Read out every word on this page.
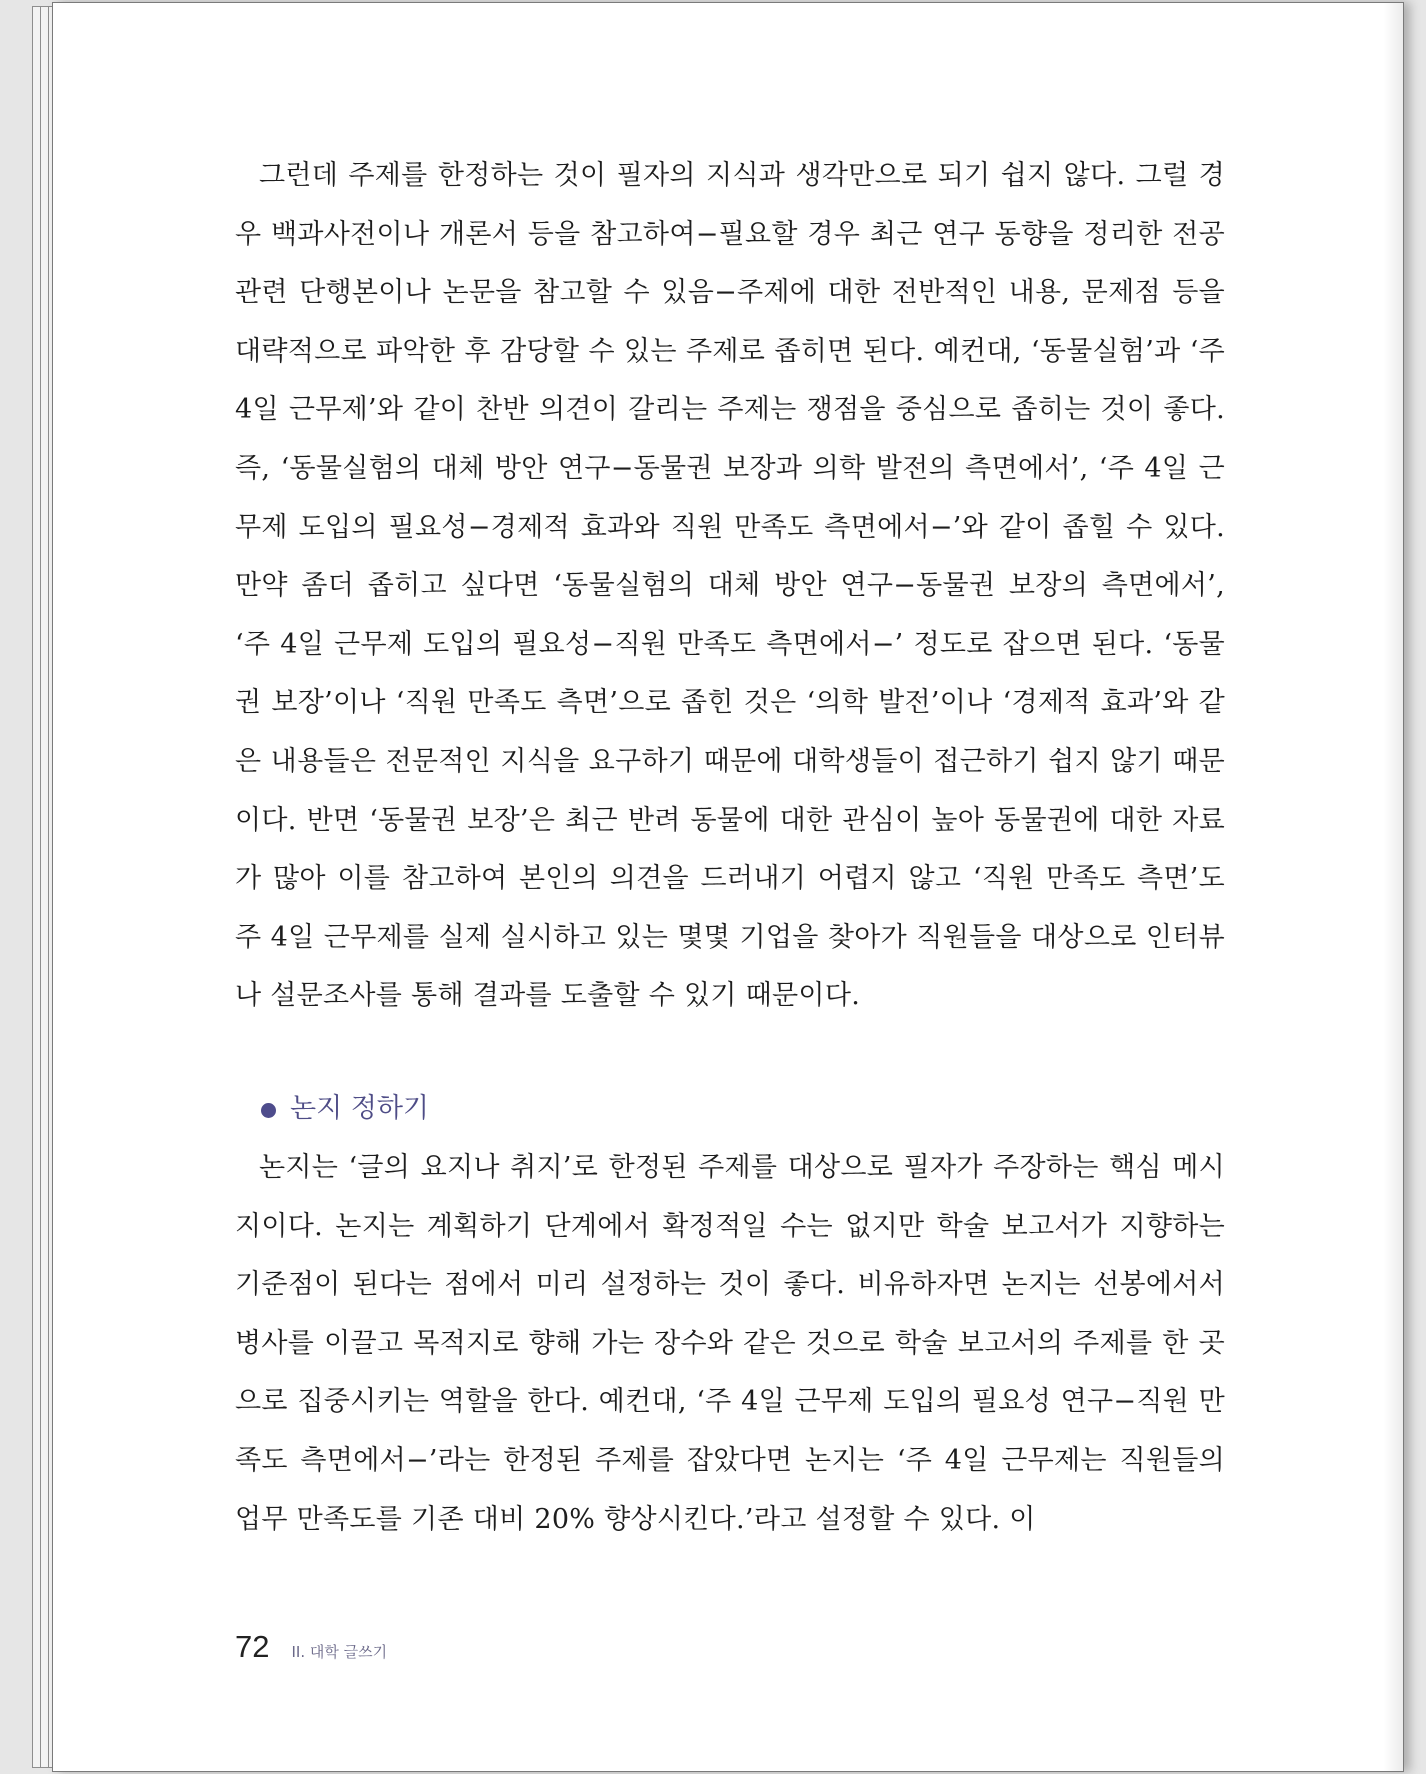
그런데 주제를 한정하는 것이 필자의 지식과 생각만으로 되기 쉽지 않다. 그럴 경우 백과사전이나 개론서 등을 참고하여−필요할 경우 최근 연구 동향을 정리한 전공 관련 단행본이나 논문을 참고할 수 있음−주제에 대한 전반적인 내용, 문제점 등을 대략적으로 파악한 후 감당할 수 있는 주제로 좁히면 된다. 예컨대, ‘동물실험’과 ‘주 4일 근무제’와 같이 찬반 의견이 갈리는 주제는 쟁점을 중심으로 좁히는 것이 좋다. 즉, ‘동물실험의 대체 방안 연구−동물권 보장과 의학 발전의 측면에서’, ‘주 4일 근무제 도입의 필요성−경제적 효과와 직원 만족도 측면에서−’와 같이 좁힐 수 있다. 만약 좀더 좁히고 싶다면 ‘동물실험의 대체 방안 연구−동물권 보장의 측면에서’, ‘주 4일 근무제 도입의 필요성−직원 만족도 측면에서−’ 정도로 잡으면 된다. ‘동물권 보장’이나 ‘직원 만족도 측면’으로 좁힌 것은 ‘의학 발전’이나 ‘경제적 효과’와 같은 내용들은 전문적인 지식을 요구하기 때문에 대학생들이 접근하기 쉽지 않기 때문이다. 반면 ‘동물권 보장’은 최근 반려 동물에 대한 관심이 높아 동물권에 대한 자료가 많아 이를 참고하여 본인의 의견을 드러내기 어렵지 않고 ‘직원 만족도 측면’도 주 4일 근무제를 실제 실시하고 있는 몇몇 기업을 찾아가 직원들을 대상으로 인터뷰나 설문조사를 통해 결과를 도출할 수 있기 때문이다.

논지 정하기

논지는 ‘글의 요지나 취지’로 한정된 주제를 대상으로 필자가 주장하는 핵심 메시지이다. 논지는 계획하기 단계에서 확정적일 수는 없지만 학술 보고서가 지향하는 기준점이 된다는 점에서 미리 설정하는 것이 좋다. 비유하자면 논지는 선봉에서서 병사를 이끌고 목적지로 향해 가는 장수와 같은 것으로 학술 보고서의 주제를 한 곳으로 집중시키는 역할을 한다. 예컨대, ‘주 4일 근무제 도입의 필요성 연구−직원 만족도 측면에서−’라는 한정된 주제를 잡았다면 논지는 ‘주 4일 근무제는 직원들의 업무 만족도를 기존 대비 20% 향상시킨다.’라고 설정할 수 있다. 이

72 II. 대학 글쓰기
